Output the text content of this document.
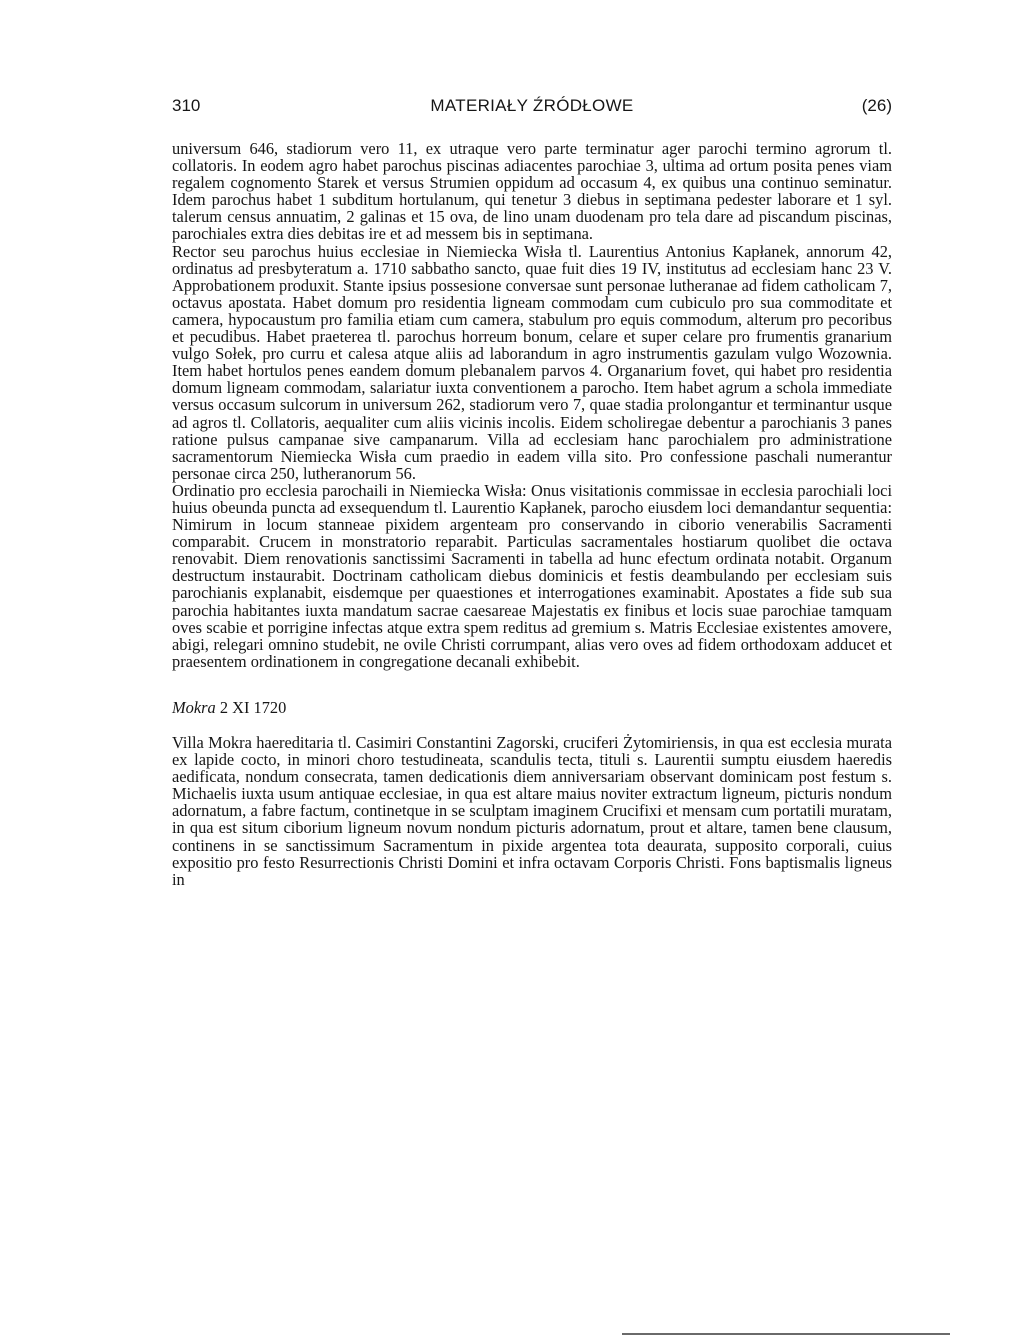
310	MATERIAŁY ŹRÓDŁOWE	(26)

universum 646, stadiorum vero 11, ex utraque vero parte terminatur ager parochi termino agrorum tl. collatoris. In eodem agro habet parochus piscinas adiacentes parochiae 3, ultima ad ortum posita penes viam regalem cognomento Starek et versus Strumien oppidum ad occasum 4, ex quibus una continuo seminatur. Idem parochus habet 1 subditum hortulanum, qui tenetur 3 diebus in septimana pedester laborare et 1 syl. talerum census annuatim, 2 galinas et 15 ova, de lino unam duodenam pro tela dare ad piscandum piscinas, parochiales extra dies debitas ire et ad messem bis in septimana.

Rector seu parochus huius ecclesiae in Niemiecka Wisła tl. Laurentius Antonius Kapłanek, annorum 42, ordinatus ad presbyteratum a. 1710 sabbatho sancto, quae fuit dies 19 IV, institutus ad ecclesiam hanc 23 V. Approbationem produxit. Stante ipsius possesione conversae sunt personae lutheranae ad fidem catholicam 7, octavus apostata. Habet domum pro residentia ligneam commodam cum cubiculo pro sua commoditate et camera, hypocaustum pro familia etiam cum camera, stabulum pro equis commodum, alterum pro pecoribus et pecudibus. Habet praeterea tl. parochus horreum bonum, celare et super celare pro frumentis granarium vulgo Sołek, pro curru et calesa atque aliis ad laborandum in agro instrumentis gazulam vulgo Wozownia. Item habet hortulos penes eandem domum plebanalem parvos 4. Organarium fovet, qui habet pro residentia domum ligneam commodam, salariatur iuxta conventionem a parocho. Item habet agrum a schola immediate versus occasum sulcorum in universum 262, stadiorum vero 7, quae stadia prolongantur et terminantur usque ad agros tl. Collatoris, aequaliter cum aliis vicinis incolis. Eidem scholiregae debentur a parochianis 3 panes ratione pulsus campanae sive campanarum. Villa ad ecclesiam hanc parochialem pro administratione sacramentorum Niemiecka Wisła cum praedio in eadem villa sito. Pro confessione paschali numerantur personae circa 250, lutheranorum 56.

Ordinatio pro ecclesia parochaili in Niemiecka Wisła: Onus visitationis commissae in ecclesia parochiali loci huius obeunda puncta ad exsequendum tl. Laurentio Kapłanek, parocho eiusdem loci demandantur sequentia: Nimirum in locum stanneae pixidem argenteam pro conservando in ciborio venerabilis Sacramenti comparabit. Crucem in monstratorio reparabit. Particulas sacramentales hostiarum quolibet die octava renovabit. Diem renovationis sanctissimi Sacramenti in tabella ad hunc efectum ordinata notabit. Organum destructum instaurabit. Doctrinam catholicam diebus dominicis et festis deambulando per ecclesiam suis parochianis explanabit, eisdemque per quaestiones et interrogationes examinabit. Apostates a fide sub sua parochia habitantes iuxta mandatum sacrae caesareae Majestatis ex finibus et locis suae parochiae tamquam oves scabie et porrigine infectas atque extra spem reditus ad gremium s. Matris Ecclesiae existentes amovere, abigi, relegari omnino studebit, ne ovile Christi corrumpant, alias vero oves ad fidem orthodoxam adducet et praesentem ordinationem in congregatione decanali exhibebit.

Mokra 2 XI 1720

Villa Mokra haereditaria tl. Casimiri Constantini Zagorski, cruciferi Żytomiriensis, in qua est ecclesia murata ex lapide cocto, in minori choro testudineata, scandulis tecta, tituli s. Laurentii sumptu eiusdem haeredis aedificata, nondum consecrata, tamen dedicationis diem anniversariam observant dominicam post festum s. Michaelis iuxta usum antiquae ecclesiae, in qua est altare maius noviter extractum ligneum, picturis nondum adornatum, a fabre factum, continetque in se sculptam imaginem Crucifixi et mensam cum portatili muratam, in qua est situm ciborium ligneum novum nondum picturis adornatum, prout et altare, tamen bene clausum, continens in se sanctissimum Sacramentum in pixide argentea tota deaurata, supposito corporali, cuius expositio pro festo Resurrectionis Christi Domini et infra octavam Corporis Christi. Fons baptismalis ligneus in
